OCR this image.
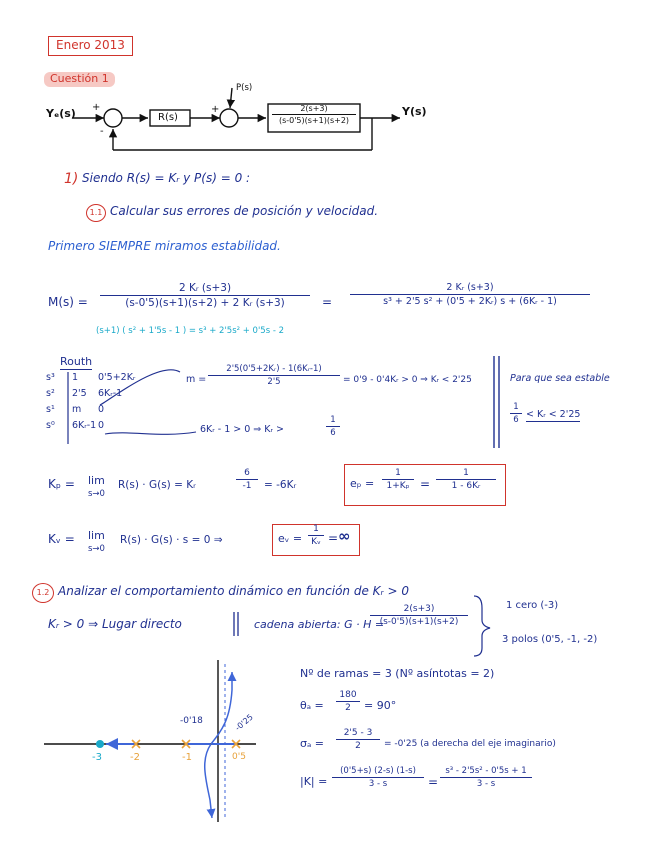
Enero 2013
Cuestión 1
Yₑ(s) +
-
+
P(s)
R(s)
2(s+3)
(s-0'5)(s+1)(s+2)
Y(s)
1) Siendo R(s) = Kᵣ y P(s) = 0 :
1.1 Calcular sus errores de posición y velocidad.
Primero SIEMPRE miramos estabilidad.
M(s) =
2 Kᵣ (s+3)
(s-0'5)(s+1)(s+2) + 2 Kᵣ (s+3)	=
2 Kᵣ (s+3)
s³ + 2'5 s² + (0'5 + 2Kᵣ) s + (6Kᵣ - 1)
(s+1) ( s² + 1'5s - 1 ) = s³ + 2'5s² + 0'5s - 2
Routh
s³ 1 0'5+2Kᵣ
s² 2'5 6Kᵣ-1
s¹ m 0
s⁰ 6Kᵣ-1 0
m =
2'5(0'5+2Kᵣ) - 1(6Kᵣ-1)
2'5	= 0'9 - 0'4Kᵣ > 0 ⇒ Kᵣ < 2'25
6Kᵣ - 1 > 0 ⇒ Kᵣ >
1
6
Para que sea estable
1
6 < Kᵣ < 2'25
Kₚ = lim
s→0
R(s) · G(s) = Kᵣ
6
-1	= -6Kᵣ	eₚ =
1
1+Kₚ =
1
1 - 6Kᵣ
Kᵥ = lim
s→0
R(s) · G(s) · s = 0 ⇒	eᵥ =
1
Kᵥ = ∞
1.2 Analizar el comportamiento dinámico en función de Kᵣ > 0
Kᵣ > 0 ⇒ Lugar directo	cadena abierta: G · H =
2(s+3)
(s-0'5)(s+1)(s+2)
1 cero (-3)
3 polos (0'5, -1, -2)
Nº de ramas = 3 (Nº asíntotas = 2)
θₐ =
180
2	= 90°
σₐ =
2'5 - 3
2	= -0'25 (a derecha del eje imaginario)
|K| =
(0'5+s) (2-s) (1-s)
3 - s	=
s³ - 2'5s² - 0'5s + 1
3 - s
-3	-2	-1	0'5
-0'18	-0'25
